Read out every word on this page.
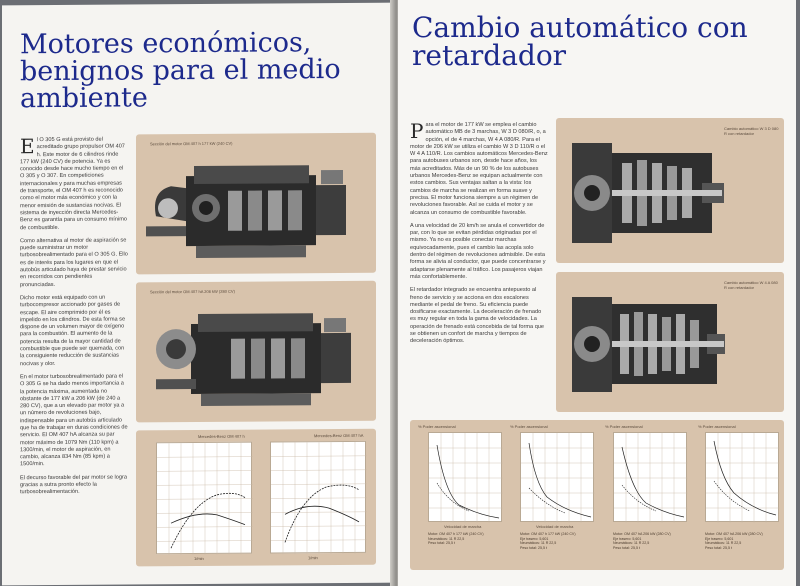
Motores económicos, benignos para el medio ambiente

El O 305 G está provisto del acreditado grupo propulsor OM 407 h. Este motor de 6 cilindros rinde 177 kW (240 CV) de potencia. Ya es conocido desde hace mucho tiempo en el O 305 y O 307. En competiciones internacionales y para muchas empresas de transporte, el OM 407 h es reconocido como el motor más económico y con la menor emisión de sustancias nocivas. El sistema de inyección directa Mercedes-Benz es garantía para un consumo mínimo de combustible.

Como alternativa al motor de aspiración se puede suministrar un motor turbosobrealimentado para el O 305 G. Ello es de interés para los lugares en que el autobús articulado haya de prestar servicio en recorridos con pendientes pronunciadas.

Dicho motor está equipado con un turbocompresor accionado por gases de escape. El aire comprimido por él es impelido en los cilindros. De esta forma se dispone de un volumen mayor de oxígeno para la combustión. El aumento de la potencia resulta de la mayor cantidad de combustible que puede ser quemada, con la consiguiente reducción de sustancias nocivas y olor.

En el motor turbosobrealimentado para el O 305 G se ha dado menos importancia a la potencia máxima, aumentada no obstante de 177 kW a 206 kW (de 240 a 280 CV), que a un elevado par motor ya a un número de revoluciones bajo, indispensable para un autobús articulado que ha de trabajar en duras condiciones de servicio. El OM 407 hA alcanza su par motor máximo de 1079 Nm (110 kpm) a 1300/min, el motor de aspiración, en cambio, alcanza 834 Nm (85 kpm) a 1500/min.

El decurso favorable del par motor se logra gracias a sutra pronto efecto la turbosobrealimentación.

Sección del motor OM 407 h 177 kW (240 CV)
Sección del motor OM 407 hA 206 kW (280 CV)
Mercedes-Benz OM 407 h	Mercedes-Benz OM 407 hA
1/min	1/min
Cambio automático con retardador

Para el motor de 177 kW se emplea el cambio automático MB de 3 marchas, W 3 D 080/R, o, a opción, el de 4 marchas, W 4 A 080/R. Para el motor de 206 kW se utiliza el cambio W 3 D 110/R o el W 4 A 110/R. Los cambios automáticos Mercedes-Benz para autobuses urbanos son, desde hace años, los más acreditados. Más de un 90 % de los autobuses urbanos Mercedes-Benz se equipan actualmente con estos cambios. Sus ventajas saltan a la vista: los cambios de marcha se realizan en forma suave y precisa. El motor funciona siempre a un régimen de revoluciones favorable. Así se cuida el motor y se alcanza un consumo de combustible favorable.

A una velocidad de 20 km/h se anula el convertidor de par, con lo que se evitan pérdidas originadas por el mismo. Ya no es posible conectar marchas equivocadamente, pues el cambio las acopla solo dentro del régimen de revoluciones admisible. De esta forma se alivia al conductor, que puede concentrarse y adaptarse plenamente al tráfico. Los pasajeros viajan más confortablemente.

El retardador integrado se encuentra antepuesto al freno de servicio y se acciona en dos escalones mediante el pedal de freno. Su eficiencia puede dosificarse exactamente. La deceleración de frenado es muy regular en toda la gama de velocidades. La operación de frenado está concebida de tal forma que se obtienen un confort de marcha y tiempos de deceleración óptimos.

Cambio automático W 3 D 080 R con retardador
Cambio automático W 4 A 080 R con retardador
% Poder ascensional	% Poder ascensional	% Poder ascensional	% Poder ascensional
Velocidad de marcha	Velocidad de marcha
Motor: OM 407 h 177 kW (240 CV)
Neumáticos: 11 R 22,5
Peso total: 25,5 t
Motor: OM 407 h 177 kW (240 CV)
Eje trasero: 5,601
Neumáticos: 11 R 22,5
Peso total: 25,5 t
Motor: OM 407 hA 206 kW (280 CV)
Eje trasero: 5,601
Neumáticos: 11 R 22,5
Peso total: 25,5 t
Motor: OM 407 hA 206 kW (280 CV)
Eje trasero: 5,601
Neumáticos: 11 R 22,5
Peso total: 25,5 t
